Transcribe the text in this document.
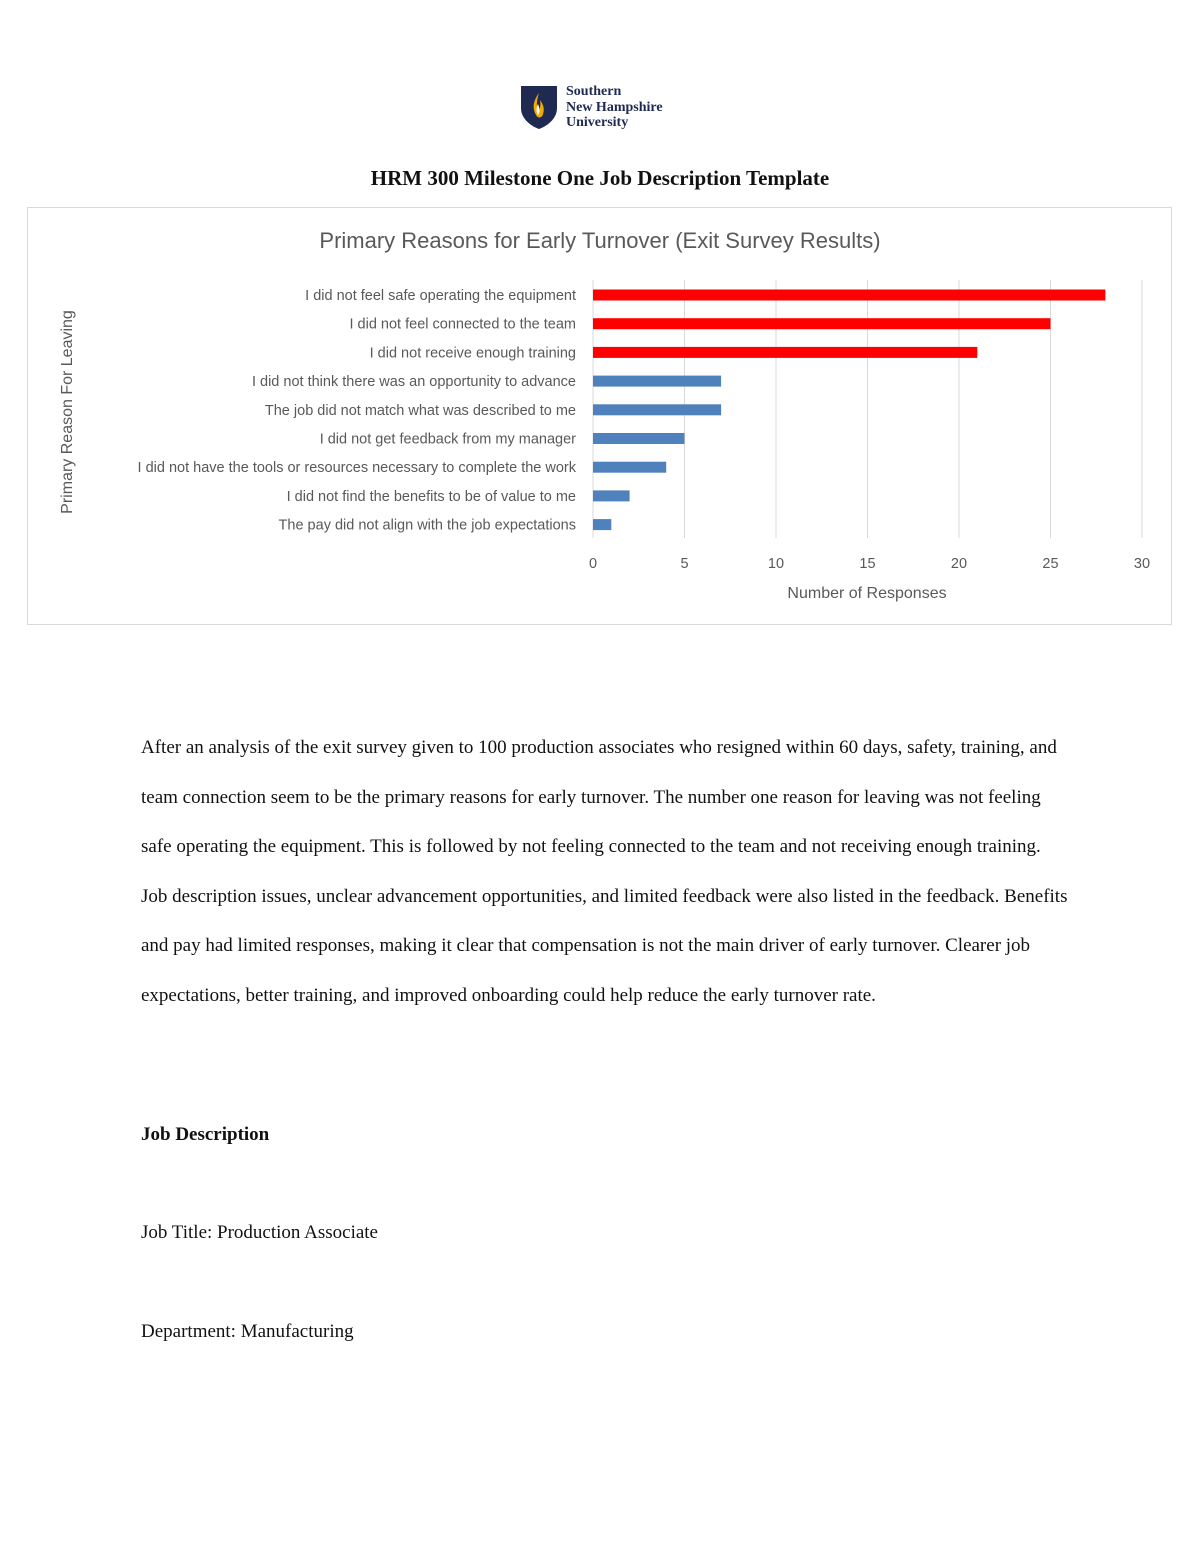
Southern
New Hampshire
University
HRM 300 Milestone One Job Description Template
Primary Reasons for Early Turnover (Exit Survey Results)
I did not feel safe operating the equipment
I did not feel connected to the team
I did not receive enough training
I did not think there was an opportunity to advance
The job did not match what was described to me
I did not get feedback from my manager
I did not have the tools or resources necessary to complete the work
I did not find the benefits to be of value to me
The pay did not align with the job expectations
0	5	10	15	20	25	30
Number of Responses
Primary Reason For Leaving

After an analysis of the exit survey given to 100 production associates who resigned within 60 days, safety, training, and team connection seem to be the primary reasons for early turnover. The number one reason for leaving was not feeling safe operating the equipment. This is followed by not feeling connected to the team and not receiving enough training. Job description issues, unclear advancement opportunities, and limited feedback were also listed in the feedback. Benefits and pay had limited responses, making it clear that compensation is not the main driver of early turnover. Clearer job expectations, better training, and improved onboarding could help reduce the early turnover rate.

Job Description
Job Title: Production Associate
Department: Manufacturing
